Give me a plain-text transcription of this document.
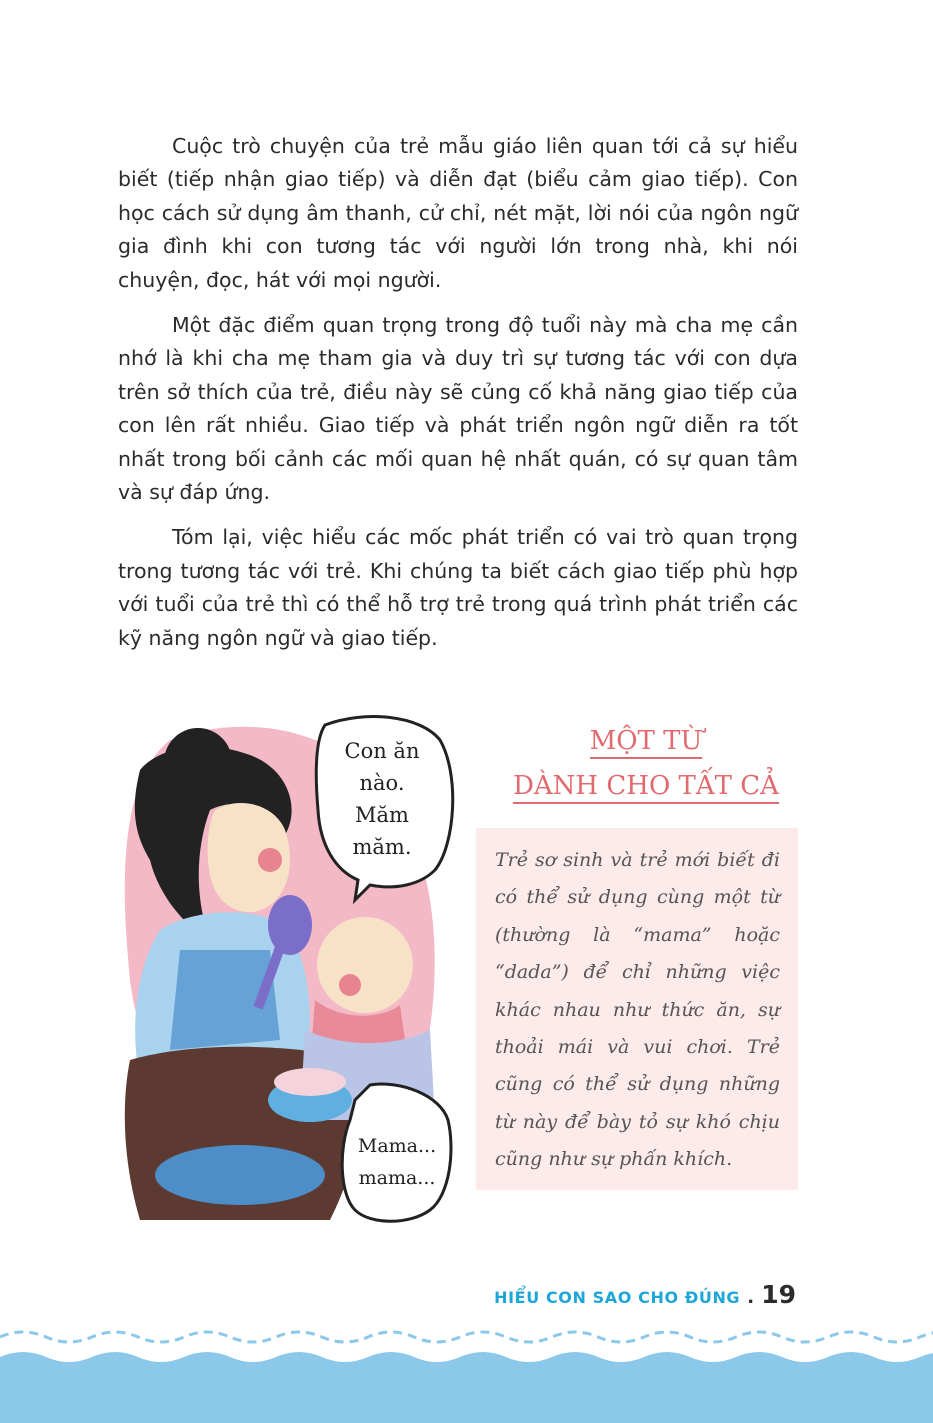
Cuộc trò chuyện của trẻ mẫu giáo liên quan tới cả sự hiểu biết (tiếp nhận giao tiếp) và diễn đạt (biểu cảm giao tiếp). Con học cách sử dụng âm thanh, cử chỉ, nét mặt, lời nói của ngôn ngữ gia đình khi con tương tác với người lớn trong nhà, khi nói chuyện, đọc, hát với mọi người.

Một đặc điểm quan trọng trong độ tuổi này mà cha mẹ cần nhớ là khi cha mẹ tham gia và duy trì sự tương tác với con dựa trên sở thích của trẻ, điều này sẽ củng cố khả năng giao tiếp của con lên rất nhiều. Giao tiếp và phát triển ngôn ngữ diễn ra tốt nhất trong bối cảnh các mối quan hệ nhất quán, có sự quan tâm và sự đáp ứng.

Tóm lại, việc hiểu các mốc phát triển có vai trò quan trọng trong tương tác với trẻ. Khi chúng ta biết cách giao tiếp phù hợp với tuổi của trẻ thì có thể hỗ trợ trẻ trong quá trình phát triển các kỹ năng ngôn ngữ và giao tiếp.

Con ăn
nào.
Măm
măm.
Mama...
mama...
MỘT TỪ
DÀNH CHO TẤT CẢ

Trẻ sơ sinh và trẻ mới biết đi có thể sử dụng cùng một từ (thường là “mama” hoặc “dada”) để chỉ những việc khác nhau như thức ăn, sự thoải mái và vui chơi. Trẻ cũng có thể sử dụng những từ này để bày tỏ sự khó chịu cũng như sự phấn khích.

HIỂU CON SAO CHO ĐÚNG . 19
